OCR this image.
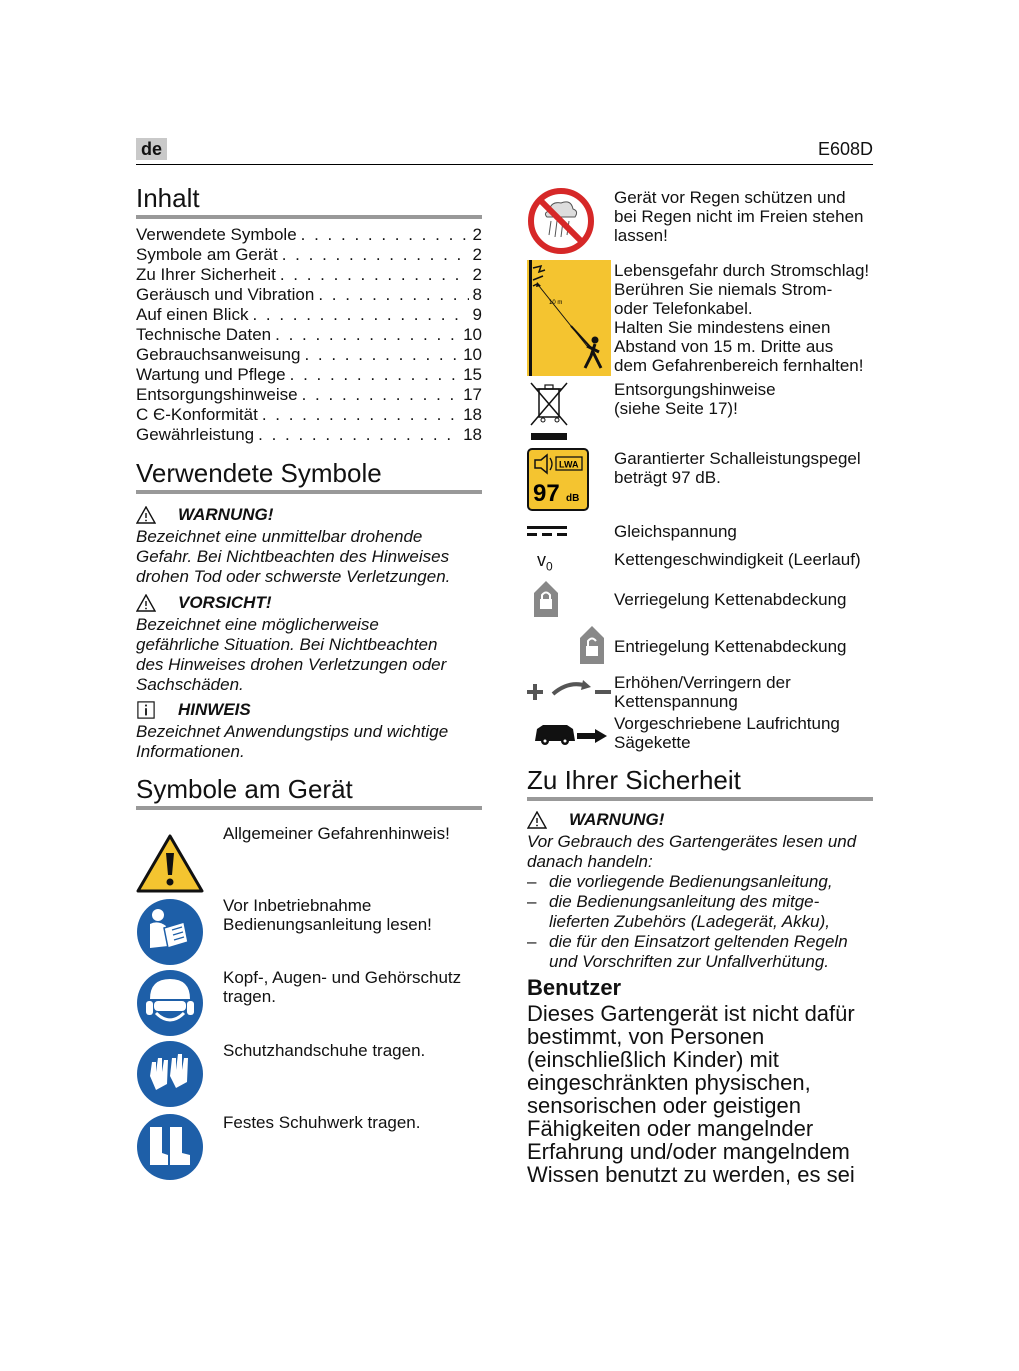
de	E608D
Inhalt
Verwendete Symbole . . .	2
Symbole am Gerät . . .	2
Zu Ihrer Sicherheit . . .	2
Geräusch und Vibration . . .	8
Auf einen Blick . . .	9
Technische Daten . . .	10
Gebrauchsanweisung . . .	10
Wartung und Pflege . . .	15
Entsorgungshinweise . . .	17
Ϲ Є-Konformität . . .	18
Gewährleistung . . .	18
Verwendete Symbole
WARNUNG!
Bezeichnet eine unmittelbar drohende
Gefahr. Bei Nichtbeachten des Hinweises
drohen Tod oder schwerste Verletzungen.
VORSICHT!
Bezeichnet eine möglicherweise
gefährliche Situation. Bei Nichtbeachten
des Hinweises drohen Verletzungen oder
Sachschäden.
HINWEIS
Bezeichnet Anwendungstips und wichtige
Informationen.
Symbole am Gerät
Allgemeiner Gefahrenhinweis!
Vor Inbetriebnahme
Bedienungsanleitung lesen!
Kopf-, Augen- und Gehörschutz
tragen.
Schutzhandschuhe tragen.
Festes Schuhwerk tragen.
Gerät vor Regen schützen und
bei Regen nicht im Freien stehen
lassen!
10 m
Lebensgefahr durch Stromschlag!
Berühren Sie niemals Strom-
oder Telefonkabel.
Halten Sie mindestens einen
Abstand von 15 m. Dritte aus
dem Gefahrenbereich fernhalten!
Entsorgungshinweise
(siehe Seite 17)!
LWA
97 dB
Garantierter Schalleistungspegel
beträgt 97 dB.
Gleichspannung
$v_0$	Kettengeschwindigkeit (Leerlauf)
Verriegelung Kettenabdeckung
Entriegelung Kettenabdeckung
Erhöhen/Verringern der
Kettenspannung
Vorgeschriebene Laufrichtung
Sägekette
Zu Ihrer Sicherheit
WARNUNG!
Vor Gebrauch des Gartengerätes lesen und
danach handeln:
– die vorliegende Bedienungsanleitung,
– die Bedienungsanleitung des mitge-
lieferten Zubehörs (Ladegerät, Akku),
– die für den Einsatzort geltenden Regeln
und Vorschriften zur Unfallverhütung.
Benutzer
Dieses Gartengerät ist nicht dafür
bestimmt, von Personen
(einschließlich Kinder) mit
eingeschränkten physischen,
sensorischen oder geistigen
Fähigkeiten oder mangelnder
Erfahrung und/oder mangelndem
Wissen benutzt zu werden, es sei
